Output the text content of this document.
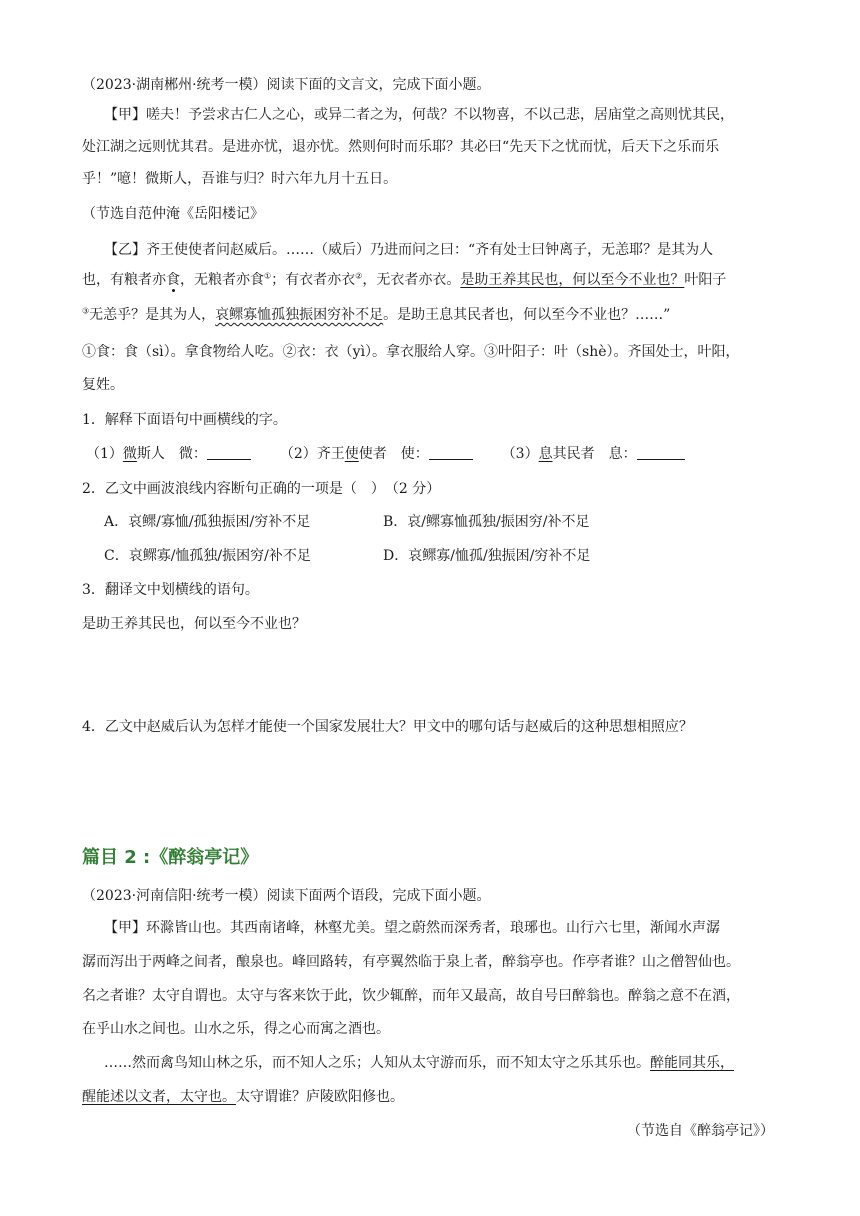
（2023·湖南郴州·统考一模）阅读下面的文言文，完成下面小题。
【甲】嗟夫！予尝求古仁人之心，或异二者之为，何哉？不以物喜，不以己悲，居庙堂之高则忧其民，
处江湖之远则忧其君。是进亦忧，退亦忧。然则何时而乐耶？其必曰“先天下之忧而忧，后天下之乐而乐
乎！”噫！微斯人，吾谁与归？时六年九月十五日。
（节选自范仲淹《岳阳楼记》
【乙】齐王使使者问赵威后。……（威后）乃进而问之曰：“齐有处士曰钟离子，无恙耶？是其为人
也，有粮者亦食，无粮者亦食①；有衣者亦衣②，无衣者亦衣。是助王养其民也，何以至今不业也？叶阳子
③无恙乎？是其为人，哀鳏寡恤孤独振困穷补不足。是助王息其民者也，何以至今不业也？……”
①食：食（sì）。拿食物给人吃。②衣：衣（yì）。拿衣服给人穿。③叶阳子：叶（shè）。齐国处士，叶阳，
复姓。
1．解释下面语句中画横线的字。
（1）微斯人　微：	（2）齐王使使者　使：	（3）息其民者　息：
2．乙文中画波浪线内容断句正确的一项是（　）　（2 分）
A．哀鳏/寡恤/孤独振困/穷补不足	B．哀/鳏寡恤孤独/振困穷/补不足
C．哀鳏寡/恤孤独/振困穷/补不足	D．哀鳏寡/恤孤/独振困/穷补不足
3．翻译文中划横线的语句。
是助王养其民也，何以至今不业也？
4．乙文中赵威后认为怎样才能使一个国家发展壮大？甲文中的哪句话与赵威后的这种思想相照应？
篇目 2 :《醉翁亭记》
（2023·河南信阳·统考一模）阅读下面两个语段，完成下面小题。
【甲】环滁皆山也。其西南诸峰，林壑尤美。望之蔚然而深秀者，琅琊也。山行六七里，渐闻水声潺
潺而泻出于两峰之间者，酿泉也。峰回路转，有亭翼然临于泉上者，醉翁亭也。作亭者谁？山之僧智仙也。
名之者谁？太守自谓也。太守与客来饮于此，饮少辄醉，而年又最高，故自号曰醉翁也。醉翁之意不在酒，
在乎山水之间也。山水之乐，得之心而寓之酒也。
……然而禽鸟知山林之乐，而不知人之乐；人知从太守游而乐，而不知太守之乐其乐也。醉能同其乐，
醒能述以文者，太守也。太守谓谁？庐陵欧阳修也。
（节选自《醉翁亭记》）
